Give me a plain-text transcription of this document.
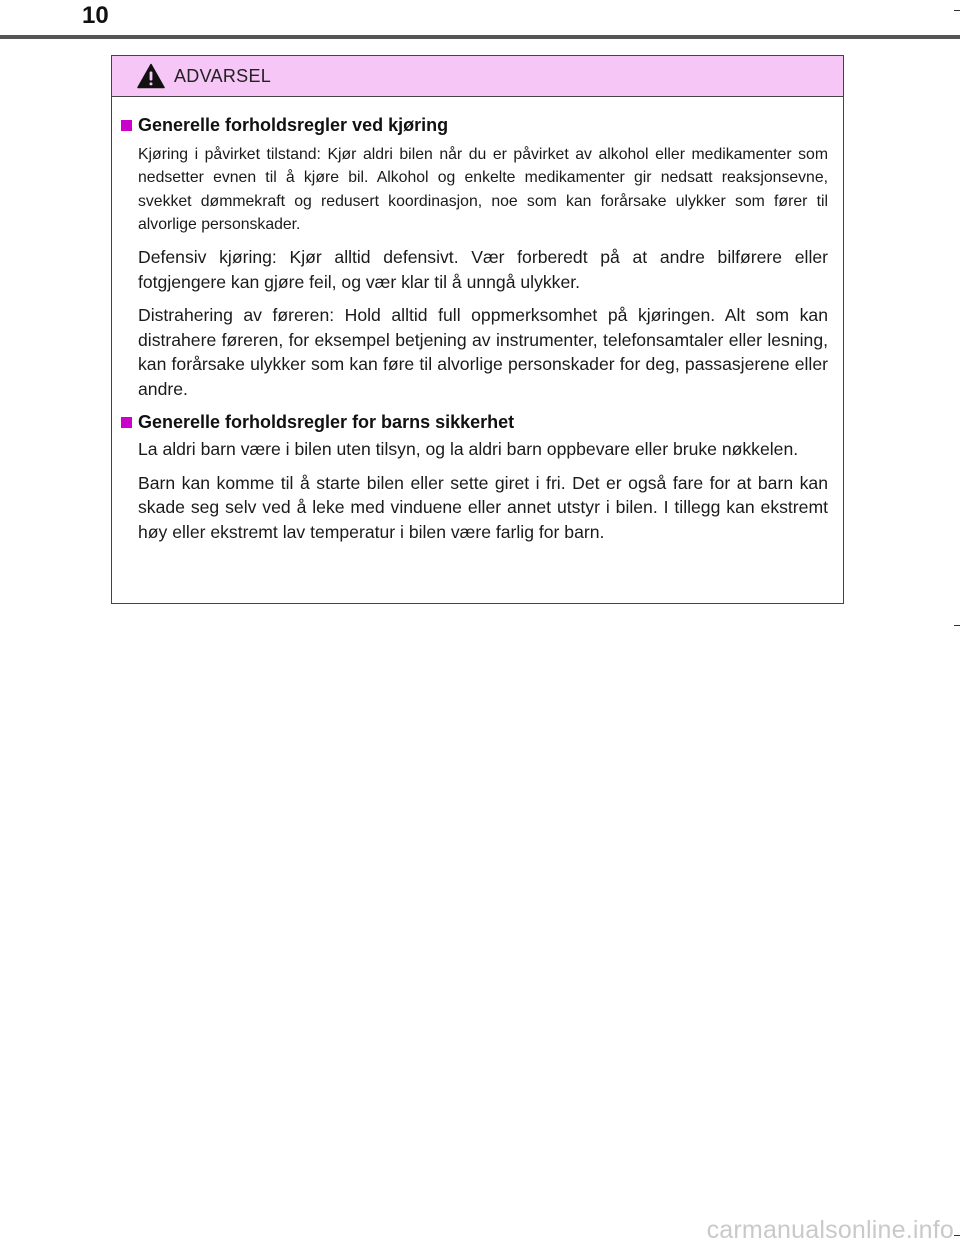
10
ADVARSEL
Generelle forholdsregler ved kjøring

Kjøring i påvirket tilstand: Kjør aldri bilen når du er påvirket av alkohol eller medikamenter som nedsetter evnen til å kjøre bil. Alkohol og enkelte medikamenter gir nedsatt reaksjonsevne, svekket dømmekraft og redusert koordinasjon, noe som kan forårsake ulykker som fører til alvorlige personskader.

Defensiv kjøring: Kjør alltid defensivt. Vær forberedt på at andre bilførere eller fotgjengere kan gjøre feil, og vær klar til å unngå ulykker.

Distrahering av føreren: Hold alltid full oppmerksomhet på kjøringen. Alt som kan distrahere føreren, for eksempel betjening av instrumenter, telefonsamtaler eller lesning, kan forårsake ulykker som kan føre til alvorlige personskader for deg, passasjerene eller andre.

Generelle forholdsregler for barns sikkerhet

La aldri barn være i bilen uten tilsyn, og la aldri barn oppbevare eller bruke nøkkelen.

Barn kan komme til å starte bilen eller sette giret i fri. Det er også fare for at barn kan skade seg selv ved å leke med vinduene eller annet utstyr i bilen. I tillegg kan ekstremt høy eller ekstremt lav temperatur i bilen være farlig for barn.

carmanualsonline.info
